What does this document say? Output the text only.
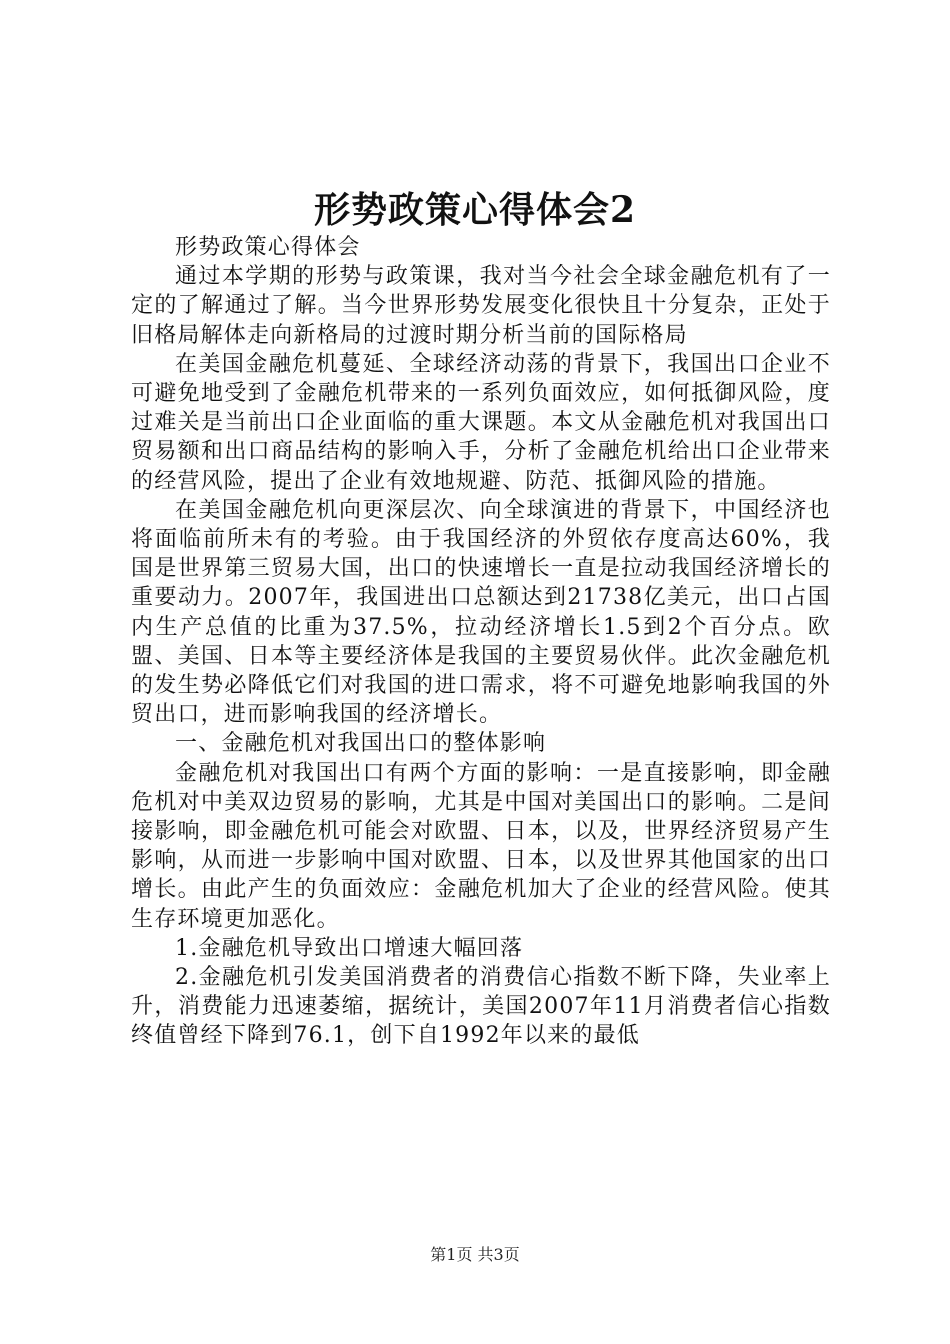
形势政策心得体会2

形势政策心得体会

通过本学期的形势与政策课，我对当今社会全球金融危机有了一定的了解通过了解。当今世界形势发展变化很快且十分复杂，正处于旧格局解体走向新格局的过渡时期分析当前的国际格局

在美国金融危机蔓延、全球经济动荡的背景下，我国出口企业不可避免地受到了金融危机带来的一系列负面效应，如何抵御风险，度过难关是当前出口企业面临的重大课题。本文从金融危机对我国出口贸易额和出口商品结构的影响入手，分析了金融危机给出口企业带来的经营风险，提出了企业有效地规避、防范、抵御风险的措施。

在美国金融危机向更深层次、向全球演进的背景下，中国经济也将面临前所未有的考验。由于我国经济的外贸依存度高达60%，我国是世界第三贸易大国，出口的快速增长一直是拉动我国经济增长的重要动力。2007年，我国进出口总额达到21738亿美元，出口占国内生产总值的比重为37.5%，拉动经济增长1.5到2个百分点。欧盟、美国、日本等主要经济体是我国的主要贸易伙伴。此次金融危机的发生势必降低它们对我国的进口需求，将不可避免地影响我国的外贸出口，进而影响我国的经济增长。

一、金融危机对我国出口的整体影响

金融危机对我国出口有两个方面的影响：一是直接影响，即金融危机对中美双边贸易的影响，尤其是中国对美国出口的影响。二是间接影响，即金融危机可能会对欧盟、日本，以及，世界经济贸易产生影响，从而进一步影响中国对欧盟、日本，以及世界其他国家的出口增长。由此产生的负面效应：金融危机加大了企业的经营风险。使其生存环境更加恶化。

1.金融危机导致出口增速大幅回落

2.金融危机引发美国消费者的消费信心指数不断下降，失业率上升，消费能力迅速萎缩，据统计，美国2007年11月消费者信心指数终值曾经下降到76.1，创下自1992年以来的最低

第1页 共3页
